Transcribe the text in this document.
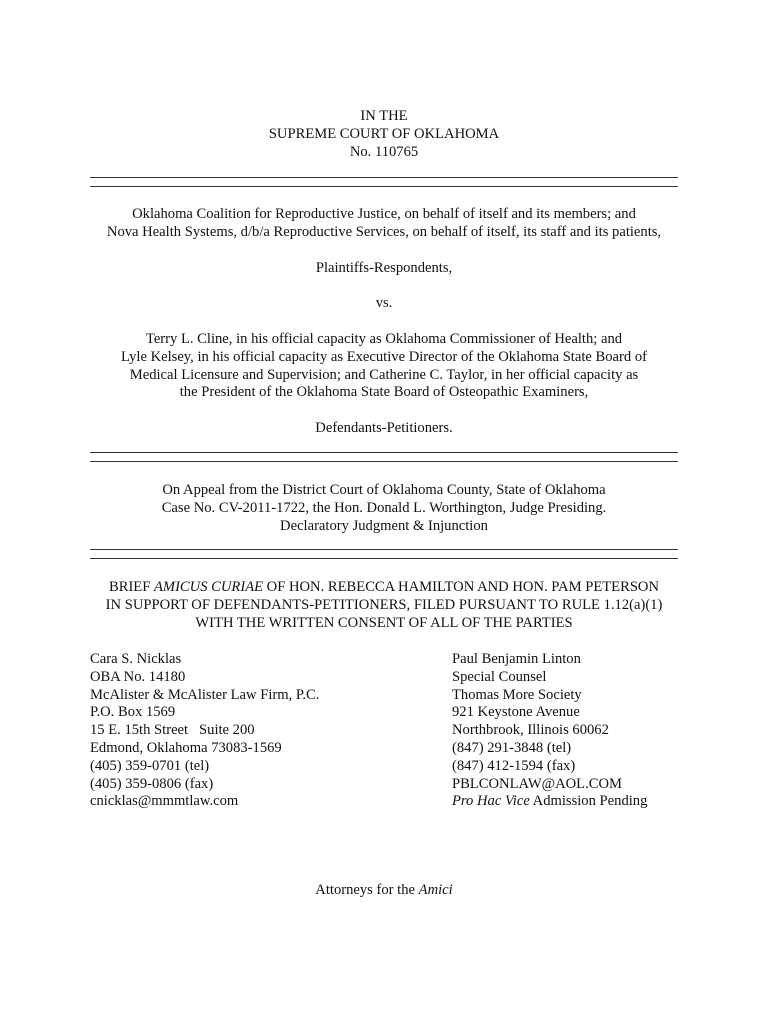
IN THE
SUPREME COURT OF OKLAHOMA
No. 110765
Oklahoma Coalition for Reproductive Justice, on behalf of itself and its members; and
Nova Health Systems, d/b/a Reproductive Services, on behalf of itself, its staff and its patients,
Plaintiffs-Respondents,
vs.
Terry L. Cline, in his official capacity as Oklahoma Commissioner of Health; and
Lyle Kelsey, in his official capacity as Executive Director of the Oklahoma State Board of
Medical Licensure and Supervision; and Catherine C. Taylor, in her official capacity as
the President of the Oklahoma State Board of Osteopathic Examiners,
Defendants-Petitioners.
On Appeal from the District Court of Oklahoma County, State of Oklahoma
Case No. CV-2011-1722, the Hon. Donald L. Worthington, Judge Presiding.
Declaratory Judgment & Injunction
BRIEF AMICUS CURIAE OF HON. REBECCA HAMILTON AND HON. PAM PETERSON
IN SUPPORT OF DEFENDANTS-PETITIONERS, FILED PURSUANT TO RULE 1.12(a)(1)
WITH THE WRITTEN CONSENT OF ALL OF THE PARTIES
Cara S. Nicklas
OBA No. 14180
McAlister & McAlister Law Firm, P.C.
P.O. Box 1569
15 E. 15th Street   Suite 200
Edmond, Oklahoma 73083-1569
(405) 359-0701 (tel)
(405) 359-0806 (fax)
cnicklas@mmmtlaw.com
Paul Benjamin Linton
Special Counsel
Thomas More Society
921 Keystone Avenue
Northbrook, Illinois 60062
(847) 291-3848 (tel)
(847) 412-1594 (fax)
PBLCONLAW@AOL.COM
Pro Hac Vice Admission Pending
Attorneys for the Amici
